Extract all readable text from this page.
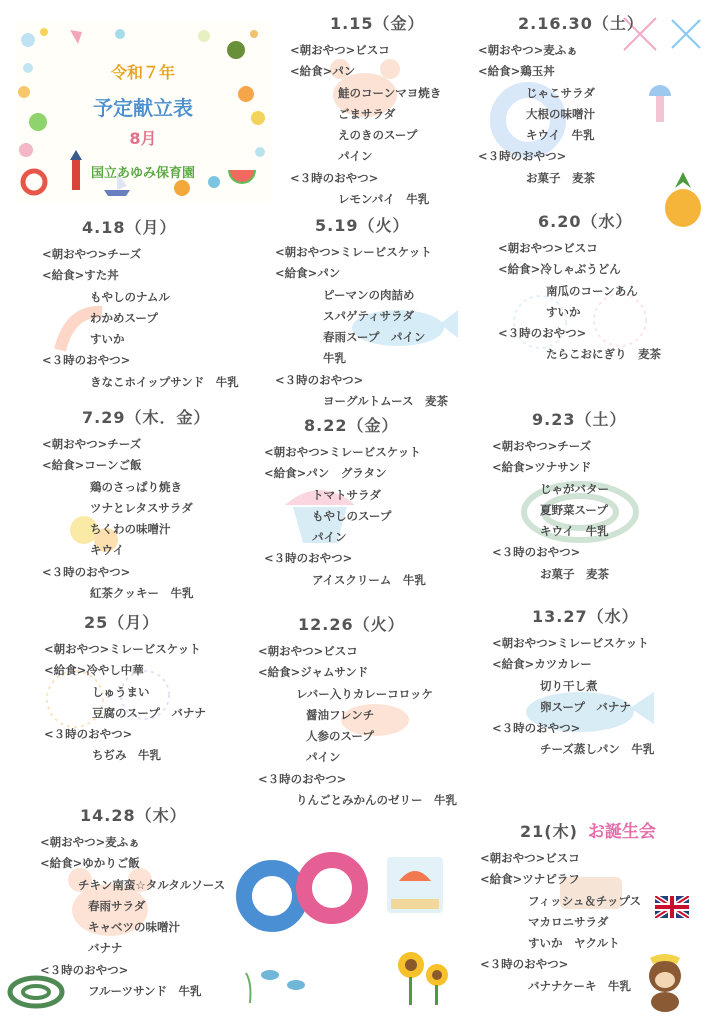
令和７年
予定献立表
8月
国立あゆみ保育園
1.15（金）
<朝おやつ>ビスコ
<給食>パン
鮭のコーンマヨ焼き
ごまサラダ
えのきのスープ
パイン
<３時のおやつ>
レモンパイ　牛乳
2.16.30（土）
<朝おやつ>麦ふぁ
<給食>鶏玉丼
じゃこサラダ
大根の味噌汁
キウイ　牛乳
<３時のおやつ>
お菓子　麦茶
4.18（月）
<朝おやつ>チーズ
<給食>すた丼
もやしのナムル
わかめスープ
すいか
<３時のおやつ>
きなこホイップサンド　牛乳
5.19（火）
<朝おやつ>ミレービスケット
<給食>パン
ピーマンの肉詰め
スパゲティサラダ
春雨スープ　パイン
牛乳
<３時のおやつ>
ヨーグルトムース　麦茶
6.20（水）
<朝おやつ>ビスコ
<給食>冷しゃぶうどん
南瓜のコーンあん
すいか
<３時のおやつ>
たらこおにぎり　麦茶
7.29（木．金）
<朝おやつ>チーズ
<給食>コーンご飯
鶏のさっぱり焼き
ツナとレタスサラダ
ちくわの味噌汁
キウイ
<３時のおやつ>
紅茶クッキー　牛乳
8.22（金）
<朝おやつ>ミレービスケット
<給食>パン　グラタン
トマトサラダ
もやしのスープ
パイン
<３時のおやつ>
アイスクリーム　牛乳
9.23（土）
<朝おやつ>チーズ
<給食>ツナサンド
じゃがバター
夏野菜スープ
キウイ　牛乳
<３時のおやつ>
お菓子　麦茶
25（月）
<朝おやつ>ミレービスケット
<給食>冷やし中華
しゅうまい
豆腐のスープ　バナナ
<３時のおやつ>
ちぢみ　牛乳
12.26（火）
<朝おやつ>ビスコ
<給食>ジャムサンド
レバー入りカレーコロッケ
醤油フレンチ
人参のスープ
パイン
<３時のおやつ>
りんごとみかんのゼリー　牛乳
13.27（水）
<朝おやつ>ミレービスケット
<給食>カツカレー
切り干し煮
卵スープ　バナナ
<３時のおやつ>
チーズ蒸しパン　牛乳
14.28（木）
<朝おやつ>麦ふぁ
<給食>ゆかりご飯
チキン南蛮☆タルタルソース
春雨サラダ
キャベツの味噌汁
バナナ
<３時のおやつ>
フルーツサンド　牛乳
21(木) お誕生会
<朝おやつ>ビスコ
<給食>ツナピラフ
フィッシュ＆チップス
マカロニサラダ
すいか　ヤクルト
<３時のおやつ>
バナナケーキ　牛乳
